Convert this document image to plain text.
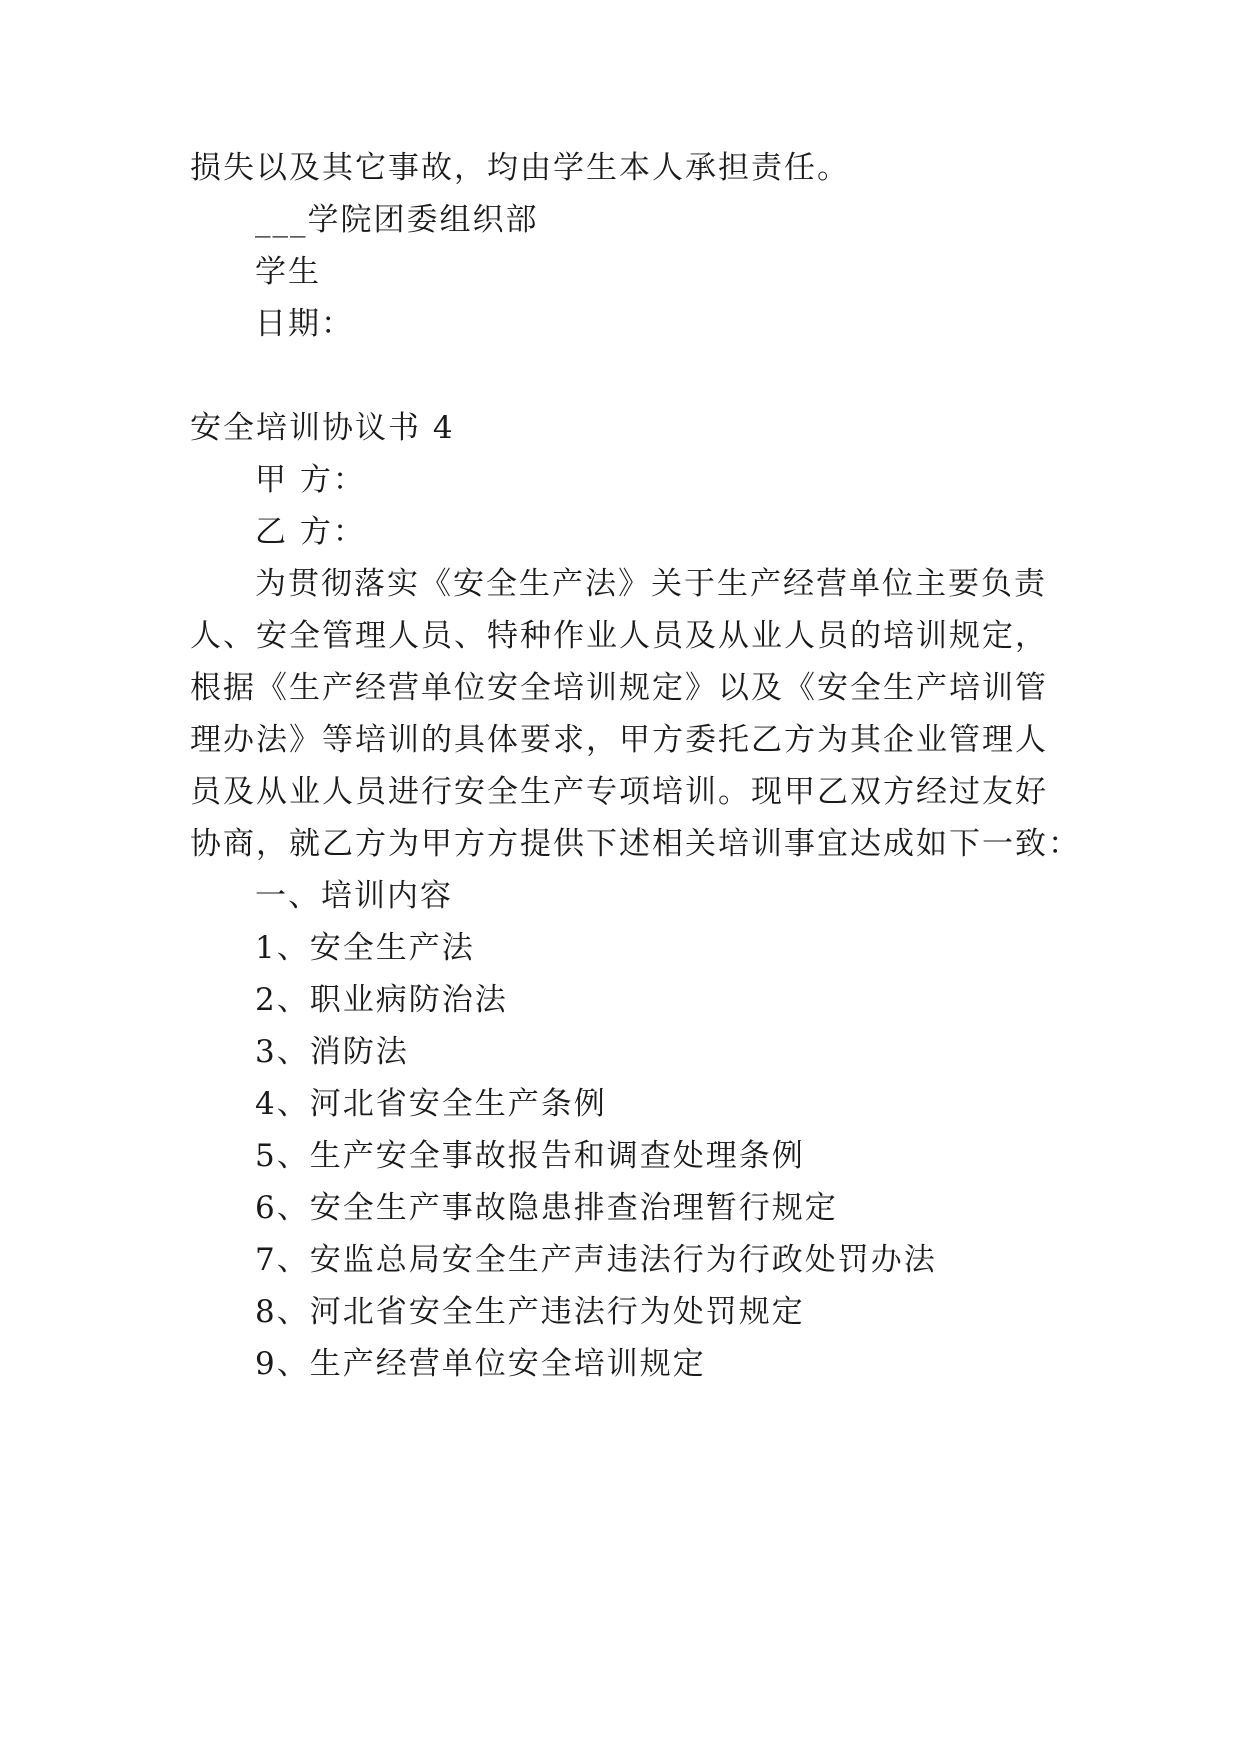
损失以及其它事故，均由学生本人承担责任。
___学院团委组织部
学生
日期：
安全培训协议书 4
甲 方：
乙 方：
为贯彻落实《安全生产法》关于生产经营单位主要负责
人、安全管理人员、特种作业人员及从业人员的培训规定，
根据《生产经营单位安全培训规定》以及《安全生产培训管
理办法》等培训的具体要求，甲方委托乙方为其企业管理人
员及从业人员进行安全生产专项培训。现甲乙双方经过友好
协商，就乙方为甲方方提供下述相关培训事宜达成如下一致：
一、培训内容
1、安全生产法
2、职业病防治法
3、消防法
4、河北省安全生产条例
5、生产安全事故报告和调查处理条例
6、安全生产事故隐患排查治理暂行规定
7、安监总局安全生产声违法行为行政处罚办法
8、河北省安全生产违法行为处罚规定
9、生产经营单位安全培训规定
